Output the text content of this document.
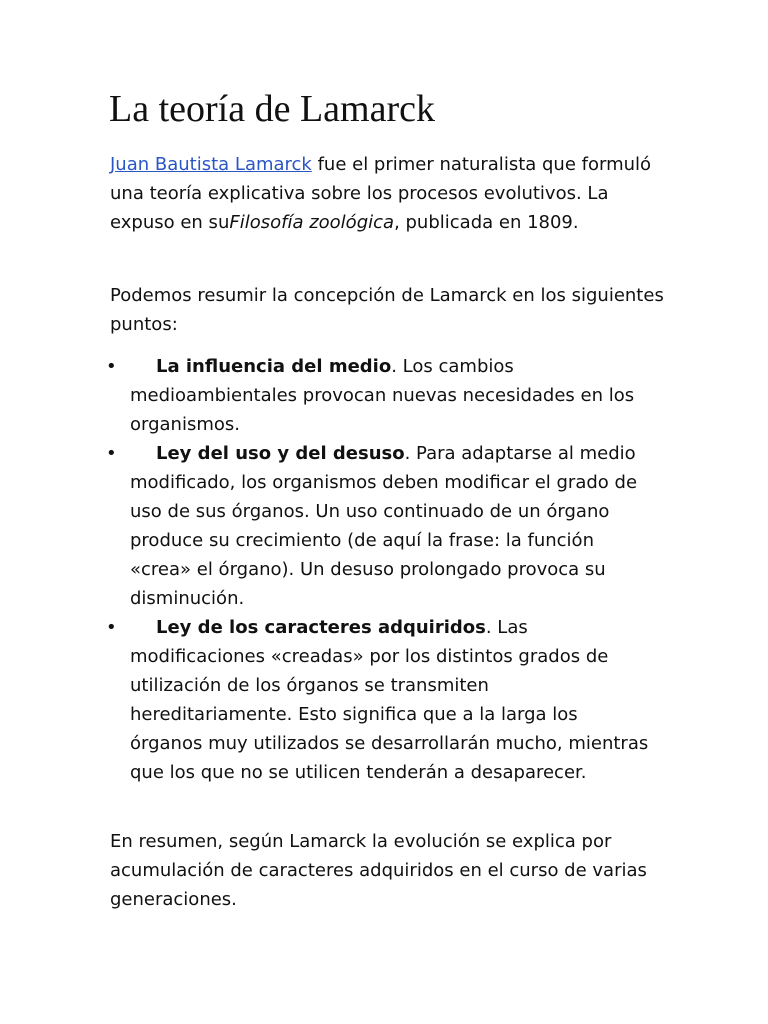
La teoría de Lamarck

Juan Bautista Lamarck fue el primer naturalista que formuló una teoría explicativa sobre los procesos evolutivos. La expuso en suFilosofía zoológica, publicada en 1809.

Podemos resumir la concepción de Lamarck en los siguientes puntos:

• La influencia del medio. Los cambios medioambientales provocan nuevas necesidades en los organismos.
• Ley del uso y del desuso. Para adaptarse al medio modificado, los organismos deben modificar el grado de uso de sus órganos. Un uso continuado de un órgano produce su crecimiento (de aquí la frase: la función «crea» el órgano). Un desuso prolongado provoca su disminución.
• Ley de los caracteres adquiridos. Las modificaciones «creadas» por los distintos grados de utilización de los órganos se transmiten hereditariamente. Esto significa que a la larga los órganos muy utilizados se desarrollarán mucho, mientras que los que no se utilicen tenderán a desaparecer.

En resumen, según Lamarck la evolución se explica por acumulación de caracteres adquiridos en el curso de varias generaciones.
